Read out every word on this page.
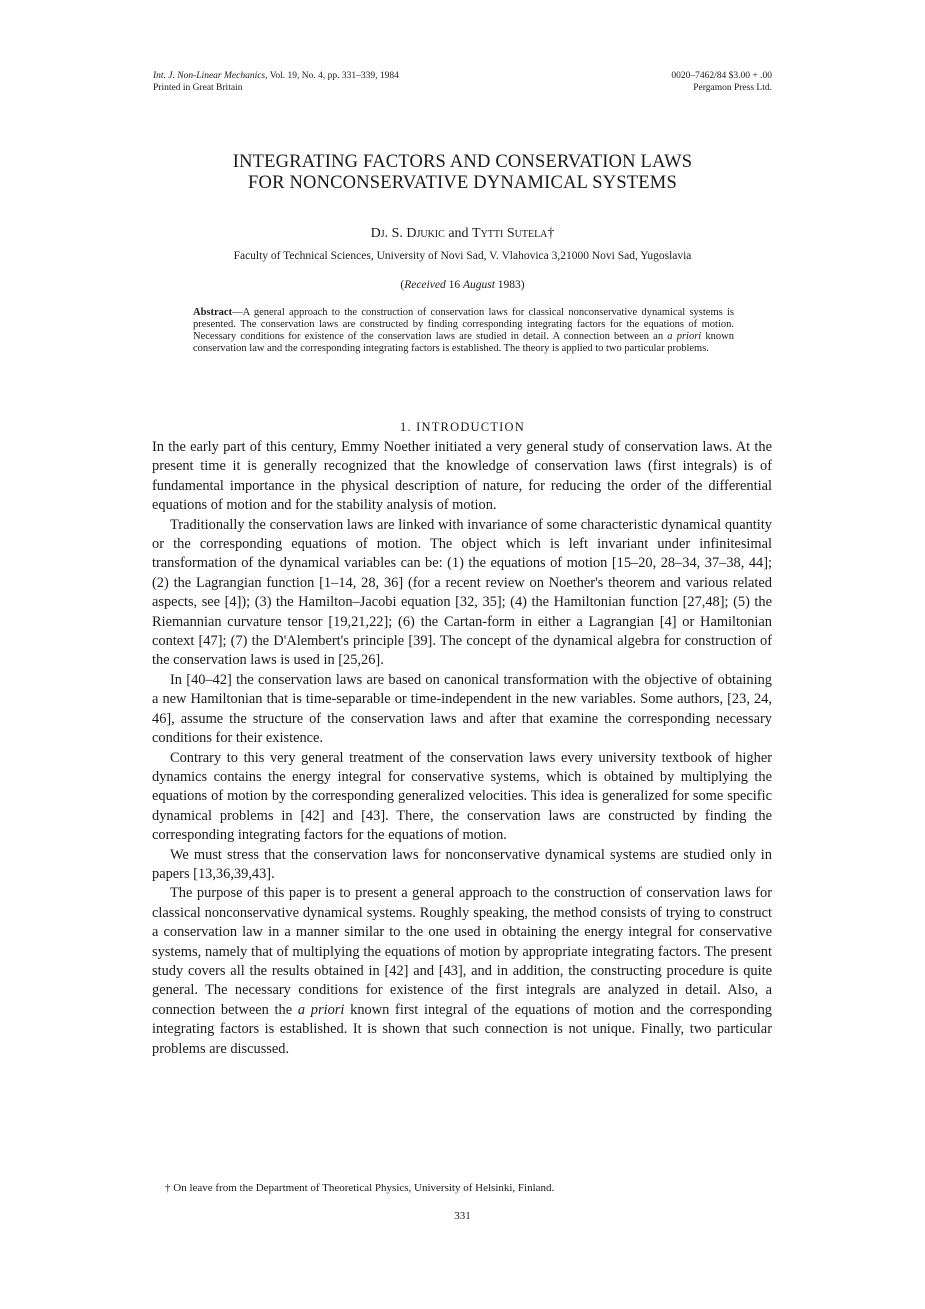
Int. J. Non-Linear Mechanics, Vol. 19, No. 4, pp. 331–339, 1984
Printed in Great Britain
0020–7462/84 $3.00 + .00
Pergamon Press Ltd.
INTEGRATING FACTORS AND CONSERVATION LAWS
FOR NONCONSERVATIVE DYNAMICAL SYSTEMS
Dj. S. Djukic and Tytti Sutela†
Faculty of Technical Sciences, University of Novi Sad, V. Vlahovica 3,21000 Novi Sad, Yugoslavia
(Received 16 August 1983)
Abstract—A general approach to the construction of conservation laws for classical nonconservative dynamical systems is presented. The conservation laws are constructed by finding corresponding integrating factors for the equations of motion. Necessary conditions for existence of the conservation laws are studied in detail. A connection between an a priori known conservation law and the corresponding integrating factors is established. The theory is applied to two particular problems.
1. INTRODUCTION

In the early part of this century, Emmy Noether initiated a very general study of conservation laws. At the present time it is generally recognized that the knowledge of conservation laws (first integrals) is of fundamental importance in the physical description of nature, for reducing the order of the differential equations of motion and for the stability analysis of motion.

Traditionally the conservation laws are linked with invariance of some characteristic dynamical quantity or the corresponding equations of motion. The object which is left invariant under infinitesimal transformation of the dynamical variables can be: (1) the equations of motion [15–20, 28–34, 37–38, 44]; (2) the Lagrangian function [1–14, 28, 36] (for a recent review on Noether's theorem and various related aspects, see [4]); (3) the Hamilton–Jacobi equation [32, 35]; (4) the Hamiltonian function [27,48]; (5) the Riemannian curvature tensor [19,21,22]; (6) the Cartan-form in either a Lagrangian [4] or Hamiltonian context [47]; (7) the D'Alembert's principle [39]. The concept of the dynamical algebra for construction of the conservation laws is used in [25,26].

In [40–42] the conservation laws are based on canonical transformation with the objective of obtaining a new Hamiltonian that is time-separable or time-independent in the new variables. Some authors, [23, 24, 46], assume the structure of the conservation laws and after that examine the corresponding necessary conditions for their existence.

Contrary to this very general treatment of the conservation laws every university textbook of higher dynamics contains the energy integral for conservative systems, which is obtained by multiplying the equations of motion by the corresponding generalized velocities. This idea is generalized for some specific dynamical problems in [42] and [43]. There, the conservation laws are constructed by finding the corresponding integrating factors for the equations of motion.

We must stress that the conservation laws for nonconservative dynamical systems are studied only in papers [13,36,39,43].

The purpose of this paper is to present a general approach to the construction of conservation laws for classical nonconservative dynamical systems. Roughly speaking, the method consists of trying to construct a conservation law in a manner similar to the one used in obtaining the energy integral for conservative systems, namely that of multiplying the equations of motion by appropriate integrating factors. The present study covers all the results obtained in [42] and [43], and in addition, the constructing procedure is quite general. The necessary conditions for existence of the first integrals are analyzed in detail. Also, a connection between the a priori known first integral of the equations of motion and the corresponding integrating factors is established. It is shown that such connection is not unique. Finally, two particular problems are discussed.

† On leave from the Department of Theoretical Physics, University of Helsinki, Finland.
331
